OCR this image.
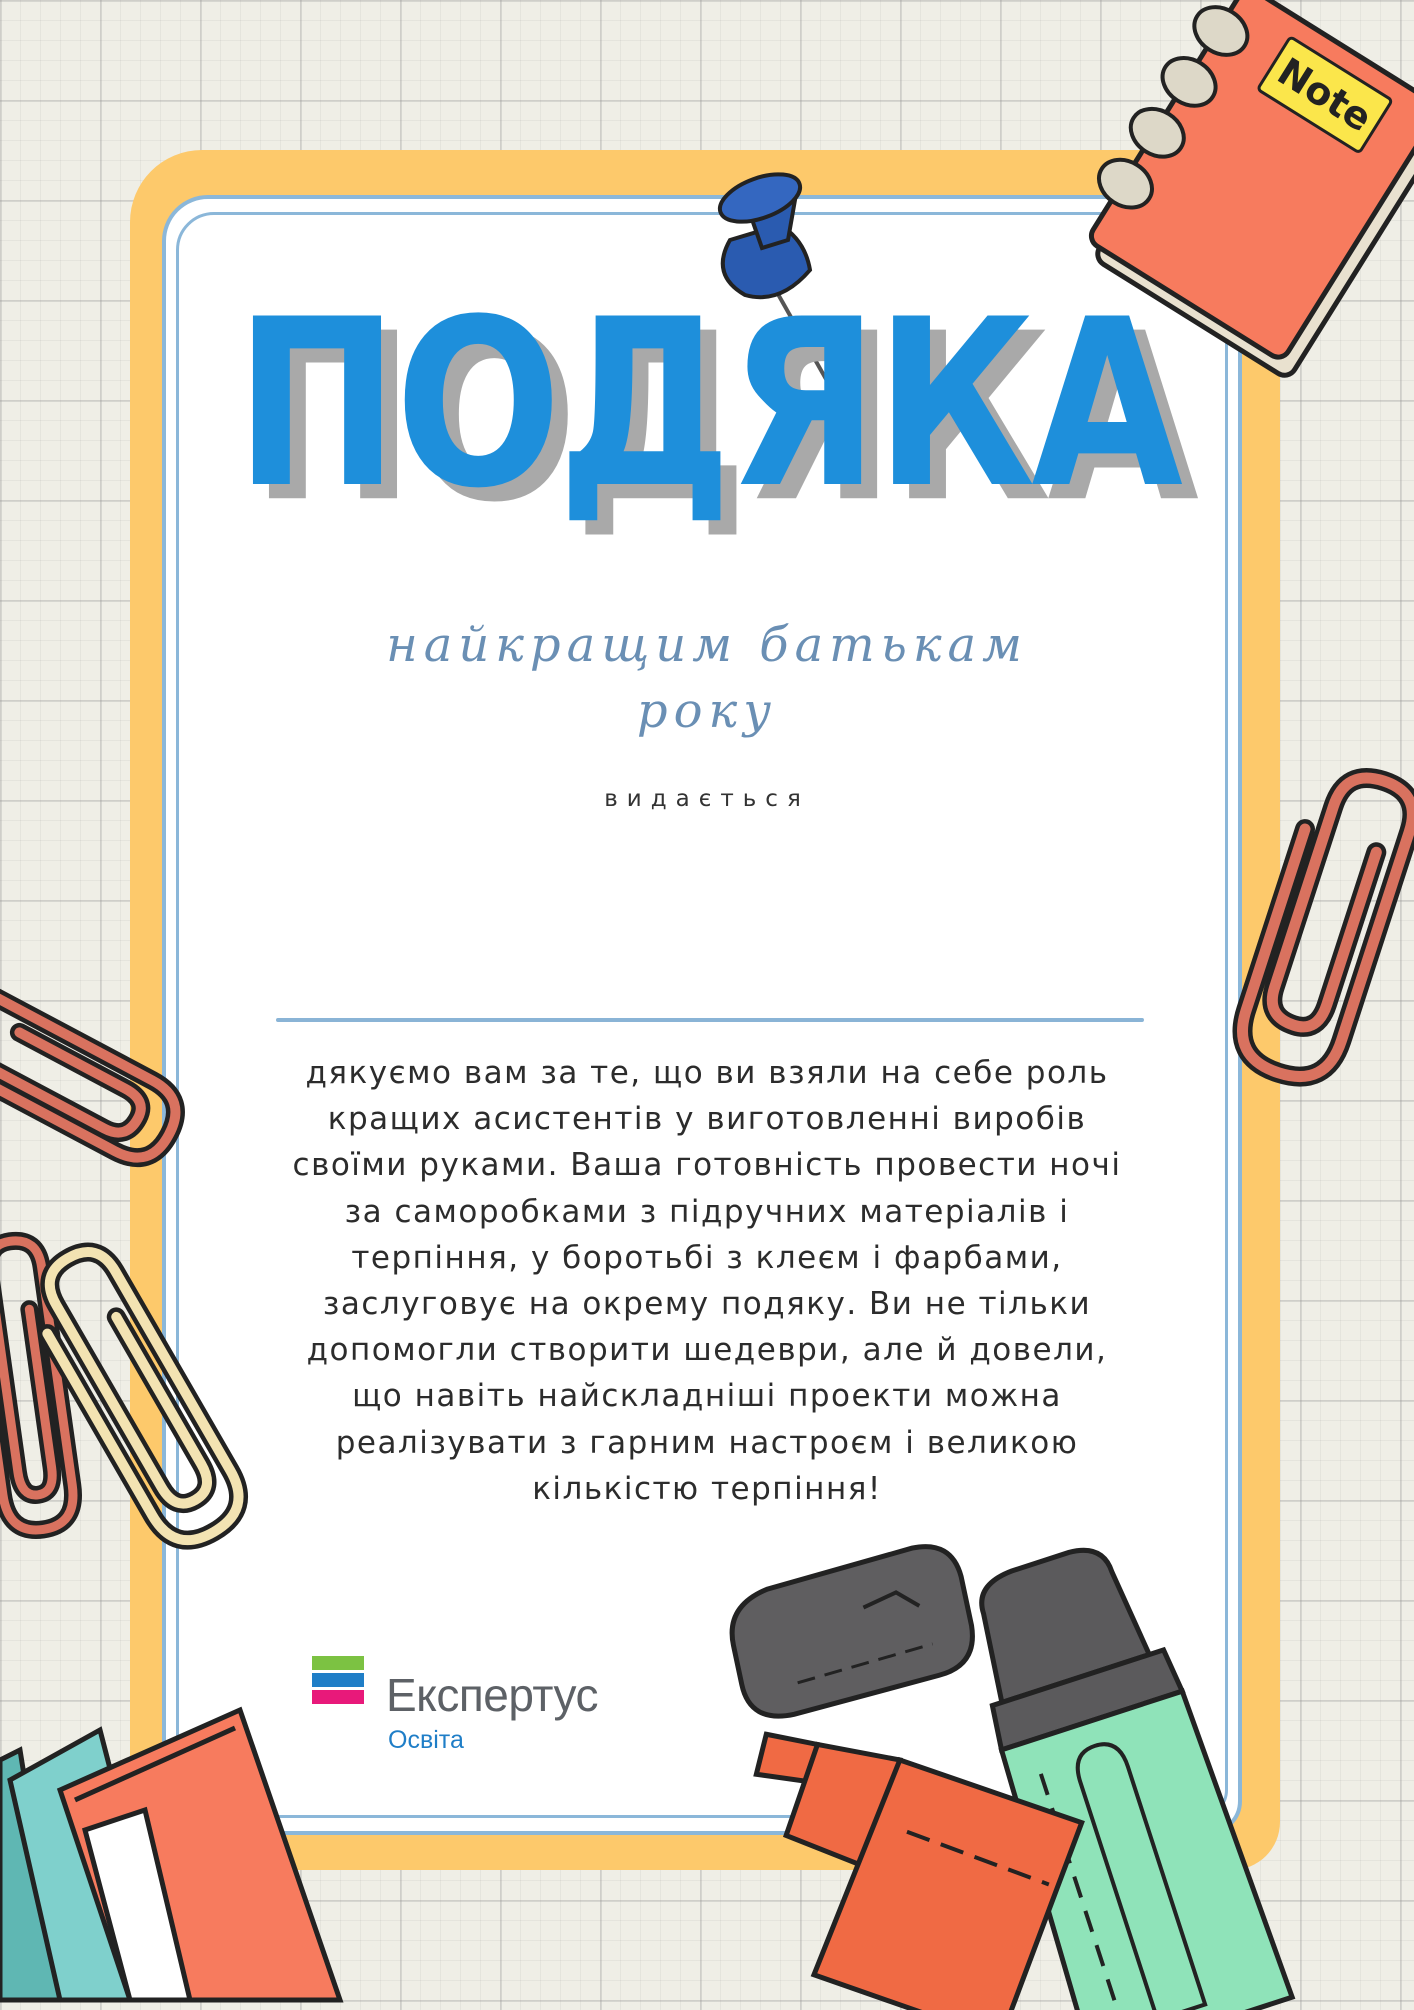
Note
ПОДЯКА
найкращим батькам
року
видається
дякуємо вам за те, що ви взяли на себе роль
кращих асистентів у виготовленні виробів
своїми руками. Ваша готовність провести ночі
за саморобками з підручних матеріалів і
терпіння, у боротьбі з клеєм і фарбами,
заслуговує на окрему подяку. Ви не тільки
допомогли створити шедеври, але й довели,
що навіть найскладніші проекти можна
реалізувати з гарним настроєм і великою
кількістю терпіння!
Експертус
Освіта
